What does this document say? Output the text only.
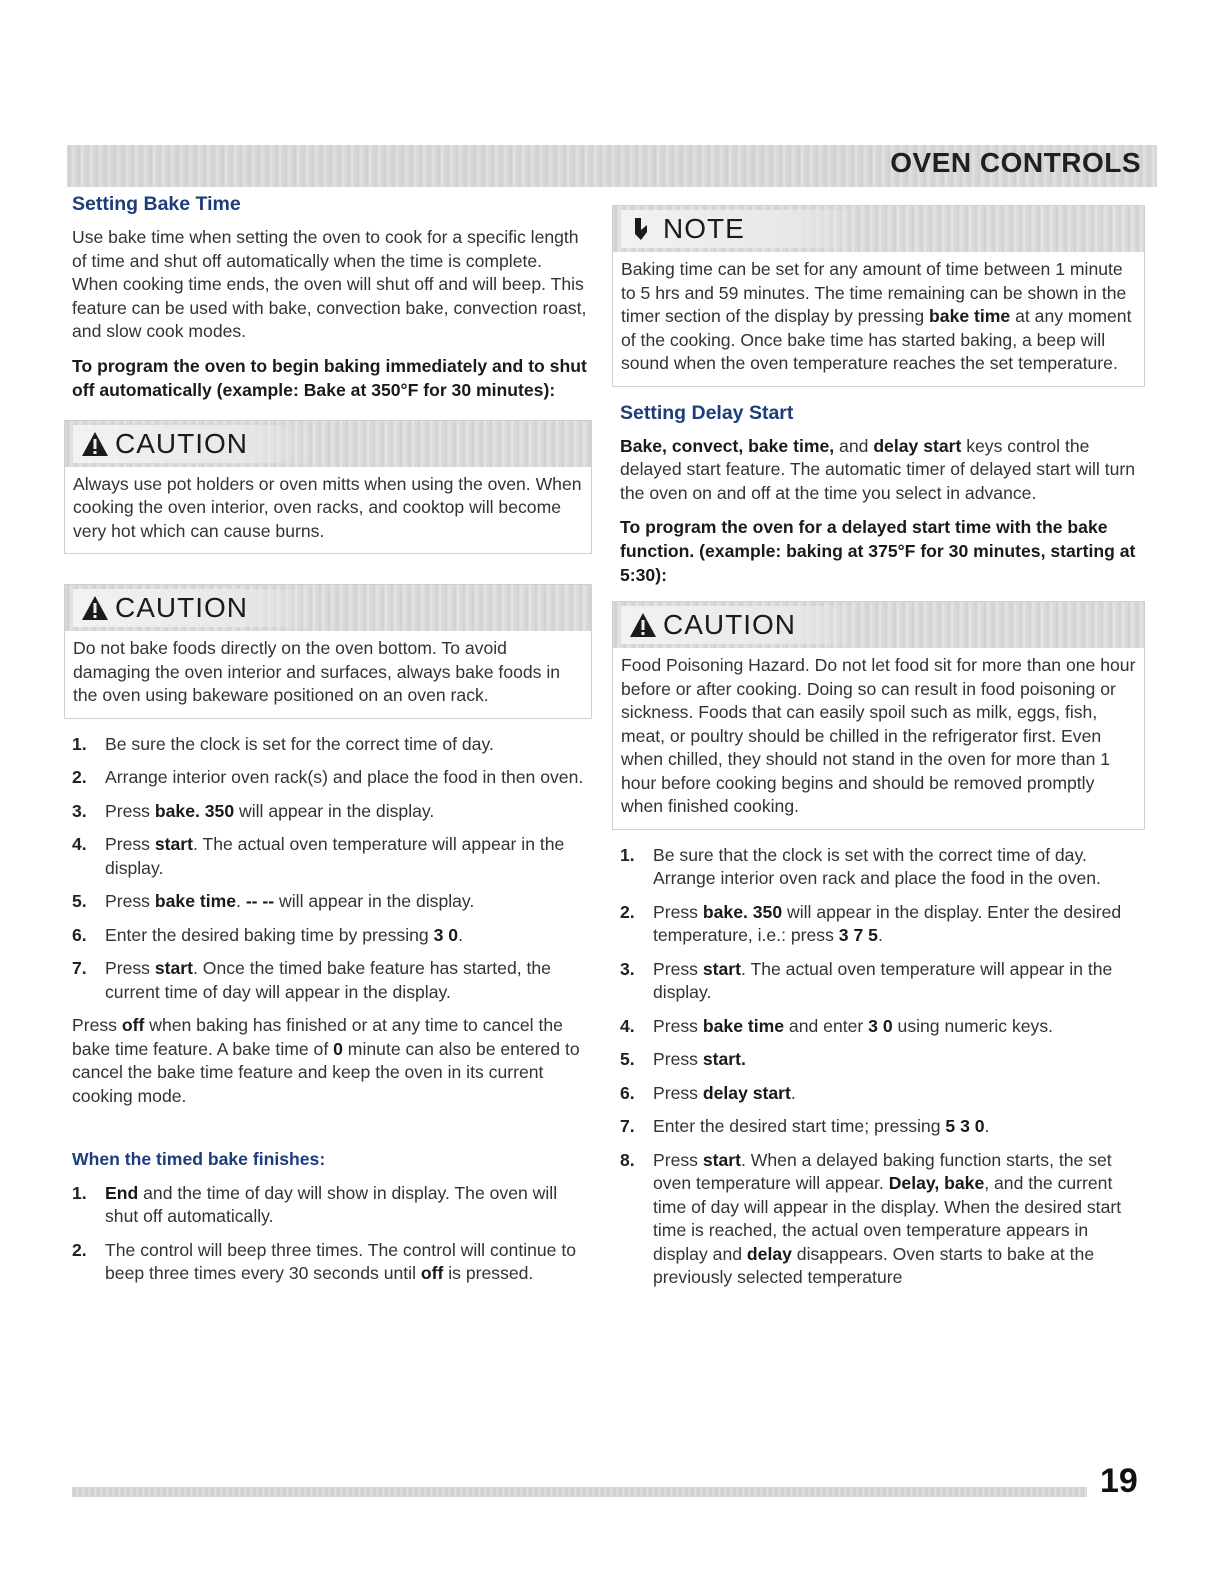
OVEN CONTROLS
Setting Bake Time

Use bake time when setting the oven to cook for a specific length of time and shut off automatically when the time is complete. When cooking time ends, the oven will shut off and will beep. This feature can be used with bake, convection bake, convection roast, and slow cook modes.

To program the oven to begin baking immediately and to shut off automatically (example: Bake at 350°F for 30 minutes):

CAUTION
Always use pot holders or oven mitts when using the oven. When cooking the oven interior, oven racks, and cooktop will become very hot which can cause burns.
CAUTION
Do not bake foods directly on the oven bottom. To avoid damaging the oven interior and surfaces, always bake foods in the oven using bakeware positioned on an oven rack.
1. Be sure the clock is set for the correct time of day.
2. Arrange interior oven rack(s) and place the food in then oven.
3. Press bake. 350 will appear in the display.
4. Press start. The actual oven temperature will appear in the display.
5. Press bake time. -- -- will appear in the display.
6. Enter the desired baking time by pressing 3 0.
7. Press start. Once the timed bake feature has started, the current time of day will appear in the display.

Press off when baking has finished or at any time to cancel the bake time feature. A bake time of 0 minute can also be entered to cancel the bake time feature and keep the oven in its current cooking mode.

When the timed bake finishes:
1. End and the time of day will show in display. The oven will shut off automatically.
2. The control will beep three times. The control will continue to beep three times every 30 seconds until off is pressed.
NOTE
Baking time can be set for any amount of time between 1 minute to 5 hrs and 59 minutes. The time remaining can be shown in the timer section of the display by pressing bake time at any moment of the cooking. Once bake time has started baking, a beep will sound when the oven temperature reaches the set temperature.
Setting Delay Start

Bake, convect, bake time, and delay start keys control the delayed start feature. The automatic timer of delayed start will turn the oven on and off at the time you select in advance.

To program the oven for a delayed start time with the bake function. (example: baking at 375°F for 30 minutes, starting at 5:30):

CAUTION
Food Poisoning Hazard. Do not let food sit for more than one hour before or after cooking. Doing so can result in food poisoning or sickness. Foods that can easily spoil such as milk, eggs, fish, meat, or poultry should be chilled in the refrigerator first. Even when chilled, they should not stand in the oven for more than 1 hour before cooking begins and should be removed promptly when finished cooking.
1. Be sure that the clock is set with the correct time of day. Arrange interior oven rack and place the food in the oven.
2. Press bake. 350 will appear in the display. Enter the desired temperature, i.e.: press 3 7 5.
3. Press start. The actual oven temperature will appear in the display.
4. Press bake time and enter 3 0 using numeric keys.
5. Press start.
6. Press delay start.
7. Enter the desired start time; pressing 5 3 0.
8. Press start. When a delayed baking function starts, the set oven temperature will appear. Delay, bake, and the current time of day will appear in the display. When the desired start time is reached, the actual oven temperature appears in display and delay disappears. Oven starts to bake at the previously selected temperature
19
